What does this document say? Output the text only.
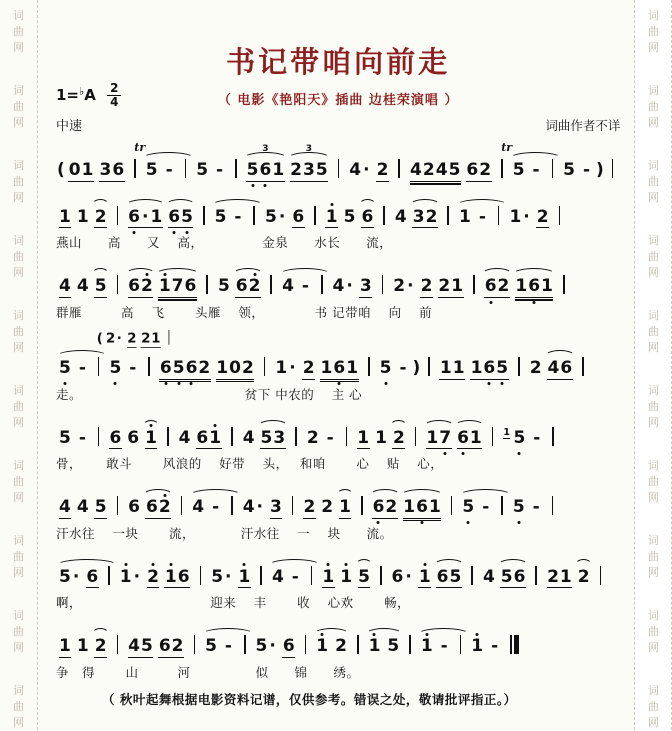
词
曲
网
词
曲
网
词
曲
网
词
曲
网
词
曲
网
词
曲
网
词
曲
网
词
曲
网
词
曲
网
词
曲
网
书记带咱向前走
（ 电影《艳阳天》插曲 边桂荣演唱 ）
$1=^♭A \frac{2}{4}$
中速	词曲作者不详
( 01 36 5 tr - 5 - 561 3 235 3 4 · 2 4245 62 5 tr - 5 - )
1 1 2 6 · 1 65 5 - 5 · 6 1 5 6 4 32 1 - 1 · 2
燕山　　高　　又　 高，　　　　　金泉　　水长　　流，
4 4 5 62 176 5 62 4 - 4 · 3 2 · 2 21 62 161
群雁　　　高　 飞　　 头雁　 领，　　　　 书 记带咱　 向　 前
( 2· 2 21
5 - 5 - 6562 102 1 · 2 161 5 - ) 11 165 2 46
走。　　　　　　　　　　　　　贫下 中农的　 主 心
5 - 6 6 1 4 61 4 53 2 - 1 1 2 17 61 1 5 -
骨，　　 敢斗　　 风浪的　 好带　 头，　 和咱　　 心　 贴　 心，
4 4 5 6 62 4 - 4 · 3 2 2 1 62 161 5 - 5 -
汗水往　 一块　　 流，　　　　汗水往　 一　 块　　流。
5 · 6 1 · 2 16 5 · 1 4 - 1 1 5 6 · 1 65 4 56 21 2
啊，　　　　　　　　　　 迎来　 丰　　 收　 心欢　　 畅，
1 1 2 45 62 5 - 5 · 6 1 2 1 5 1 - 1 -
争　得　　 山　　　河　　　　　似　　锦　　绣。
（ 秋叶起舞根据电影资料记谱，仅供参考。错误之处，敬请批评指正。）
词
曲
网
词
曲
网
词
曲
网
词
曲
网
词
曲
网
词
曲
网
词
曲
网
词
曲
网
词
曲
网
词
曲
网
